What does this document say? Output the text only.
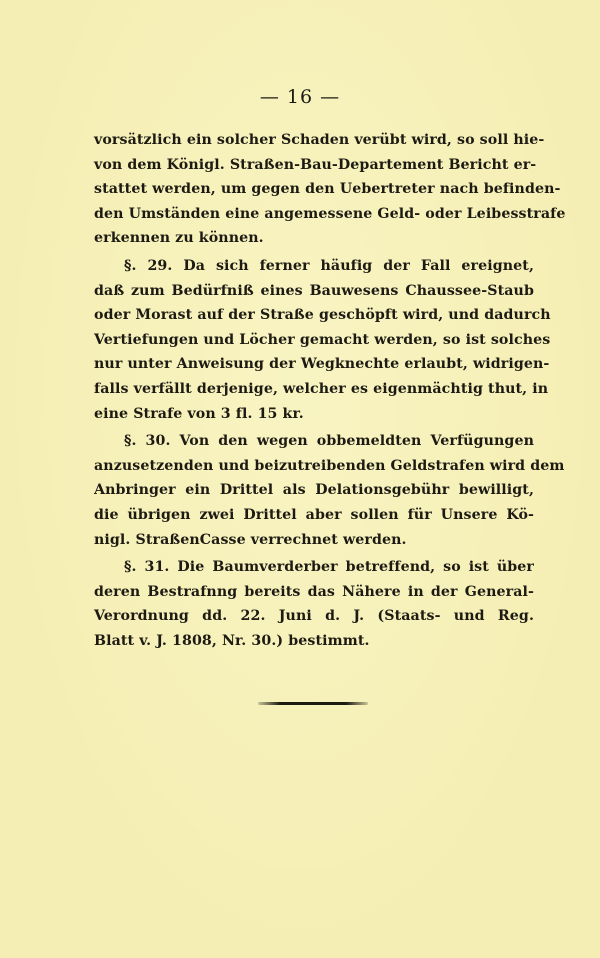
— 16 —
vorsätzlich ein solcher Schaden verübt wird, so soll hie-
von dem Königl. Straßen-Bau-Departement Bericht er-
stattet werden, um gegen den Uebertreter nach befinden-
den Umständen eine angemessene Geld- oder Leibesstrafe
erkennen zu können.
§. 29. Da sich ferner häufig der Fall ereignet,
daß zum Bedürfniß eines Bauwesens Chaussee-Staub
oder Morast auf der Straße geschöpft wird, und dadurch
Vertiefungen und Löcher gemacht werden, so ist solches
nur unter Anweisung der Wegknechte erlaubt, widrigen-
falls verfällt derjenige, welcher es eigenmächtig thut, in
eine Strafe von 3 fl. 15 kr.
§. 30. Von den wegen obbemeldten Verfügungen
anzusetzenden und beizutreibenden Geldstrafen wird dem
Anbringer ein Drittel als Delationsgebühr bewilligt,
die übrigen zwei Drittel aber sollen für Unsere Kö-
nigl. StraßenCasse verrechnet werden.
§. 31. Die Baumverderber betreffend, so ist über
deren Bestrafnng bereits das Nähere in der General-
Verordnung dd. 22. Juni d. J. (Staats- und Reg.
Blatt v. J. 1808, Nr. 30.) bestimmt.
